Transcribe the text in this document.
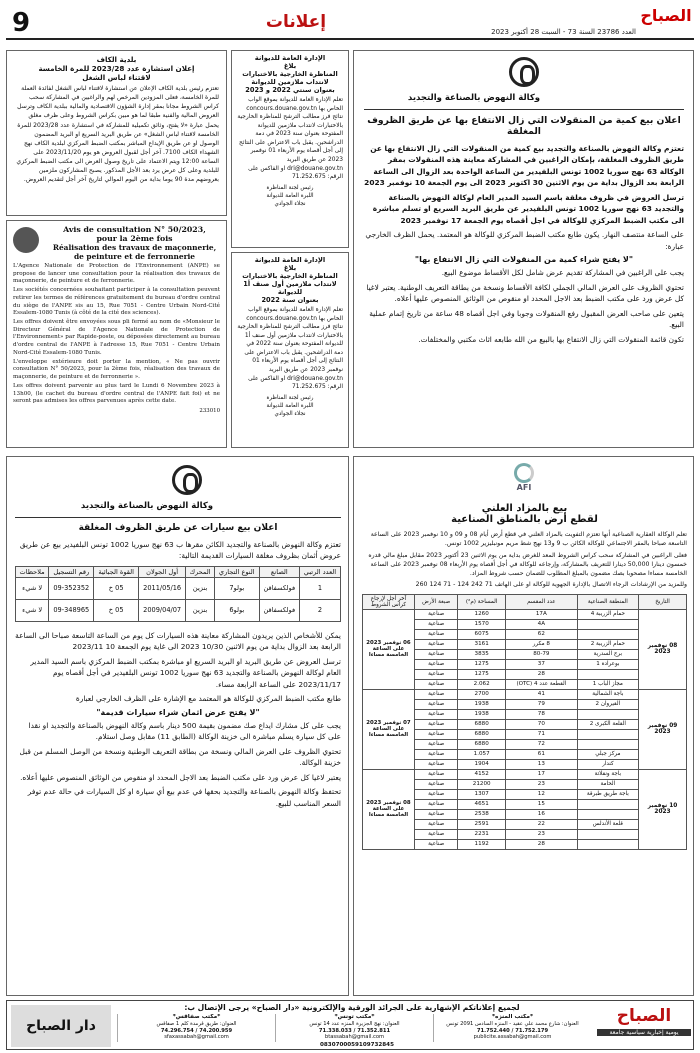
9	إعلانات	العدد 23786 السنة 73 - السبت 28 أكتوبر 2023
الصباح
وكالة النهوض بالصناعة والتجديد
اعلان بيع كمية من المنقولات التي زال الانتفاع بها عن طريق الظروف المغلقة
تعتزم وكالة النهوض بالصناعة والتجديد بيع كمية من المنقولات التي زال الانتفاع بها عن طريق الظروف المغلقة، بإمكان الراغبين في المشاركة معاينة هذه المنقولات بمقر الوكالة 63 نهج سوريا 1002 تونس البلفيدير من الساعة الواحدة بعد الزوال الى الساعة الرابعة بعد الزوال بداية من يوم الاثنين 30 اكتوبر 2023 الى يوم الجمعة 10 نوفمبر 2023
ترسل العروض في ظروف مغلقة باسم السيد المدير العام لوكالة النهوض بالصناعة والتجديد 63 نهج سوريا 1002 تونس البلفيدير عن طريق البريد السريع او تسلم مباشرة الى مكتب الضبط المركزي للوكالة في اجل أقصاه يوم الجمعة 17 نوفمبر 2023
على الساعة منتصف النهار. يكون طابع مكتب الضبط المركزي للوكالة هو المعتمد. يحمل الظرف الخارجي عبارة:
"لا يفتح شراء كمية من المنقولات التي زال الانتفاع بها"
يجب على الراغبين في المشاركة تقديم عرض شامل لكل الأقساط موضوع البيع.
تحتوي الظروف على العرض المالي الجملي لكافة الأقساط ونسخة من بطاقة التعريف الوطنية. يعتبر لاغيا كل عرض ورد على مكتب الضبط بعد الاجل المحدد او منقوص من الوثائق المنصوص عليها أعلاه.
يتعين على صاحب العرض المقبول رفع المنقولات وجوبا وفي اجل أقصاه 48 ساعة من تاريخ إتمام عملية البيع.
تكون قائمة المنقولات التي زال الانتفاع بها بالبيع من الله طابعه اثاث مكتبي والمختلفات.
الإدارة العامة للديوانة
بلاغ
المناظرة الخارجية بالاختبارات لانتداب ملازمين للديوانة
بعنوان سنتي 2022 و 2023
تعلم الإدارة العامة للديوانة بموقع الواب الخاص بها concours.douane.gov.tn نتائج فرز مطالب الترشح للمناظرة الخارجية بالاختبارات لانتداب ملازمين للديوانة المفتوحة بعنوان سنة 2023 في دمة الدراشحين. يقبل باب الاعتراض على النتائج إلى أجل أقصاه يوم الأربعاء 01 نوفمبر 2023 عن طريق البريد dri@douane.gov.tn او الفاكس على الرقم: 71.252.675
رئيس لجنة المناظرة
اللبرة العامة للديوانة
نجلاء الجوادي
الإدارة العامة للديوانة
بلاغ
المناظرة الخارجية بالاختبارات لانتداب ملازمين أول صنف أ1 للديوانة
بعنوان سنة 2022
تعلم الإدارة العامة للديوانة بموقع الواب الخاص بها concours.douane.gov.tn نتائج فرز مطالب الترشح للمناظرة الخارجية بالاختبارات لانتداب ملازمين أول صنف أ1 للديوانة المفتوحة بعنوان سنة 2022 في دمة الدراشحين. يقبل باب الاعتراض على النتائج إلى أجل أقصاه يوم الأربعاء 01 نوفمبر 2023 عن طريق البريد dri@douane.gov.tn او الفاكس على الرقم: 71.252.675
رئيس لجنة المناظرة
اللبرة العامة للديوانة
نجلاء الجوادي
بلدية الكاف
إعلان استشارة عدد 2023/28 للمرة الخامسة
لاقتناء لباس الشغل
تعتزم رئيس بلدية الكاف الإعلان عن استشارة لاقتناء لباس الشغل لفائدة العملة للمرة الخامسة، فعلى المزودين المرخص لهم والراغبين في المشاركة سحب كراس الشروط مجانا بمقر إدارة الشؤون الاقتصادية والمالية ببلدية الكاف وترسل العروض المالية والفنية طبقا لما هو مبين بكراس الشروط وعلى ظرف مغلق يحمل عبارة «لا يفتح، وثائق تكميلية للمشاركة في استشارة عدد 2023/28 للمرة الخامسة لاقتناء لباس الشغل» عن طريق البريد السريع او البريد المضمون الوصول او عن طريق الإيداع المباشر بمكتب الضبط المركزي لبلدية الكاف نهج الشهداء الكاف 7100. آخر أجل لقبول العروض هو يوم 2023/11/20 على الساعة 12:00 ويتم الاعتماد على تاريخ وصول العرض الى مكتب الضبط المركزي للبلدية وعلى كل عرض يرد بعد الأجل المذكور. يصبح المشاركون ملزمين بعروضهم مدة 90 يوما بداية من اليوم الموالي لتاريخ آخر أجل لتقديم العروض.
Avis de consultation N° 50/2023,
pour la 2ème fois
Réalisation des travaux de maçonnerie,
de peinture et de ferronnerie
L'Agence Nationale de Protection de l'Environnement (ANPE) se propose de lancer une consultation pour la réalisation des travaux de maçonnerie, de peinture et de ferronnerie.
Les sociétés concernées souhaitant participer à la consultation peuvent retirer les termes de références gratuitement du bureau d'ordre central du siège de l'ANPE sis au 15, Rue 7051 - Centre Urbain Nord-Cité Essalem-1080 Tunis (à côté de la cité des sciences).
Les offres doivent être envoyées sous pli fermé au nom de «Monsieur le Directeur Général de l'Agence Nationale de Protection de l'Environnement» par Rapide-poste, ou déposées directement au bureau d'ordre central de l'ANPE à l'adresse 15, Rue 7051 - Centre Urbain Nord-Cité Essalem-1080 Tunis.
L'enveloppe extérieure doit porter la mention, « Ne pas ouvrir consultation N° 50/2023, pour la 2ème fois, réalisation des travaux de maçonnerie, de peinture et de ferronnerie ».
Les offres doivent parvenir au plus tard le Lundi 6 Novembre 2023 à 13h00, (le cachet du bureau d'ordre central de l'ANPE fait foi) et ne seront pas admises les offres parvenues après cette date.
233010
وكالة النهوض بالصناعة والتجديد
اعلان بيع سيارات عن طريق الظروف المغلقة
تعتزم وكالة النهوض بالصناعة والتجديد الكائن مقرها ب 63 نهج سوريا 1002 تونس البلفيدير بيع عن طريق عروض أثمان بظروف مغلقة السيارات القديمة التالية:
العدد الرتبي	الصانع	النوع التجاري	المحرك	أول الجولان	القوة الجبائية	رقم التسجيل	ملاحظات
1	فولكسفاقن	بولو7	بنزين	2011/05/16	05 خ	09-352352	لا شيء
2	فولكسفاقن	بولو6	بنزين	2009/04/07	05 خ	09-348965	لا شيء
يمكن للأشخاص الذين يريدون المشاركة معاينة هذه السيارات كل يوم من الساعة التاسعة صباحا الى الساعة الرابعة بعد الزوال بداية من يوم الاثنين 10/30 2023 الى غاية يوم الجمعة 10 2023/11
ترسل العروض عن طريق البريد او البريد السريع او مباشرة بمكتب الضبط المركزي باسم السيد المدير العام لوكالة النهوض بالصناعة والتجديد 63 نهج سوريا 1002 تونس البلفيدير في أجل أقصاه يوم 2023/11/17 على الساعة الرابعة مساء.
طابع مكتب الضبط المركزي للوكالة هو المعتمد مع الإشارة على الظرف الخارجي لعبارة
"لا يفتح عرض اثمان شراء سيارات قديمة"
يجب على كل مشارك ايداع صك مضمون بقيمة 500 دينار باسم وكالة النهوض بالصناعة والتجديد او نقدا على كل سيارة يسلم مباشرة الى خزينة الوكالة (الطابق 11) مقابل وصل استلام.
تحتوي الظروف على العرض المالي ونسخة من بطاقة التعريف الوطنية ونسخة من الوصل المسلم من قبل خزينة الوكالة.
يعتبر لاغيا كل عرض ورد على مكتب الضبط بعد الاجل المحدد او منقوص من الوثائق المنصوص عليها أعلاه.
تحتفظ وكالة النهوض بالصناعة والتجديد بحقها في عدم بيع أي سيارة او كل السيارات في حالة عدم توفر السعر المناسب للبيع.
AFI
بيع بالمزاد العلني
لقطع أرض بالمناطق الصناعية
تعلم الوكالة العقارية الصناعية أنها تعتزم التفويت بالمزاد العلني في قطع أرض أيام 08 و 09 و 10 نوفمبر 2023 على الساعة التاسعة صباحا بالمقر الاجتماعي للوكالة الكائن ب 9 و13 نهج شط مريم مونبليزير 1002 تونس.
فعلى الراغبين في المشاركة سحب كراس الشروط المعد للغرض بداية من يوم الاثنين 23 أكتوبر 2023 مقابل مبلغ مالي قدره خمسون دينارا 50,000 دينارا للتعريف بالمشاركة، وإرجاعه للوكالة في أجل أقصاه يوم الأربعاء 08 نوفمبر 2023 على الساعة الخامسة مساءا مصحوبا بصك مضمون بالمبلغ المطلوب للضمان حسب شروط المزاد.
وللمزيد من الإرشادات الرجاء الاتصال بالإدارة الجهوية للوكالة او على الهاتف 71 242 124 - 71 124 260
التاريخ	المنطقة الصناعية	عدد المقسم	المساحة (م²)	صبغة الأرض	آخر أجل لإرجاع كراس الشروط
08 نوفمبر 2023	حمام الزريبة 4	17A	1260	صناعية	06 نوفمبر 2023 على الساعة الخامسة مساءا
		4A	1570	صناعية	
		62	6075	صناعية	
	حمام الزريبة 2	8 مكرر	3161	صناعية	
	برج السدرية	80-79	3835	صناعية	
	بوعرادة 1	37	1275	صناعية	
		28	1275	صناعية	
	مجاز الباب 1	القطعة عدد 4 (OTC)	2.062	صناعية	
09 نوفمبر 2023	باجة الشمالية	41	2700	صناعية	07 نوفمبر 2023 على الساعة الخامسة مساءا
	القيروان 2	79	1938	صناعية	
		78	1938	صناعية	
	القلعة الكبرى 2	70	6880	صناعية	
		71	6880	صناعية	
		72	6880	صناعية	
	مركز جبلي	61	1.057	صناعية	
	كندار	13	1904	صناعية	
10 نوفمبر 2023	باجة ونقلاتة	17	4152	صناعية	08 نوفمبر 2023 على الساعة الخامسة مساءا
	الحامة	23	21200	صناعية	
	باجة طريق طبرقة	12	1307	صناعية	
		15	4651	صناعية	
		16	2538	صناعية	
	قلعة الأندلس	22	2591	صناعية	
		23	2231	صناعية	
		28	1192	صناعية	
لجميع إعلاناتكم الإشهارية على الجرائد الورقية والإلكترونية «دار الصباح» يرجى الإتصال ب:	الصباح
يومية إخبارية سياسية جامعة
دار الصباح
*مكتب المنزه*
العنوان: شارع محمد علي عقيد - المنزه السادس 2091 تونس
71.752.179 / 71.752.440
publicite.assabah@gmail.com
*مكتب تونس*
العنوان: نهج الجزيرة المنزه عدد 14 تونس
71.352.811 / 71.338.033
btassabah@gmail.com
*مكتب صفاقس*
العنوان: طريق قرمدة كلم 1 صفاقس
74.200.959 / 74.296.754
sfaxassabah@gmail.com
0830700059109732845
